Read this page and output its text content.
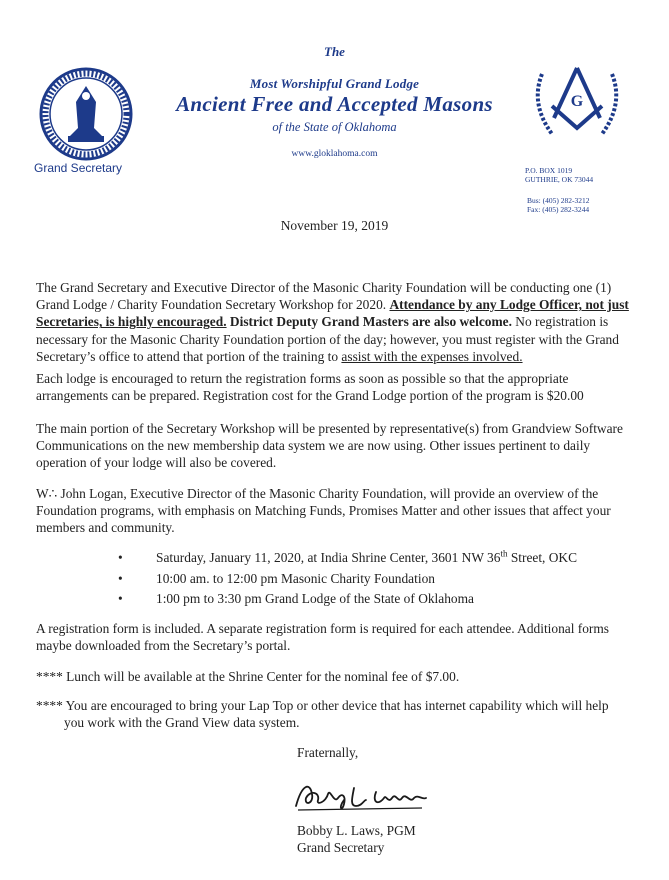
The
Most Worshipful Grand Lodge
Ancient Free and Accepted Masons
of the State of Oklahoma
www.gloklahoma.com
Grand Secretary
G
P.O. BOX 1019
GUTHRIE, OK 73044
Bus: (405) 282-3212
Fax: (405) 282-3244
November 19, 2019
The Grand Secretary and Executive Director of the Masonic Charity Foundation will be conducting one (1) Grand Lodge / Charity Foundation Secretary Workshop for 2020. Attendance by any Lodge Officer, not just Secretaries, is highly encouraged. District Deputy Grand Masters are also welcome. No registration is necessary for the Masonic Charity Foundation portion of the day; however, you must register with the Grand Secretary’s office to attend that portion of the training to assist with the expenses involved.
Each lodge is encouraged to return the registration forms as soon as possible so that the appropriate arrangements can be prepared. Registration cost for the Grand Lodge portion of the program is $20.00
The main portion of the Secretary Workshop will be presented by representative(s) from Grandview Software Communications on the new membership data system we are now using. Other issues pertinent to daily operation of your lodge will also be covered.
W∴ John Logan, Executive Director of the Masonic Charity Foundation, will provide an overview of the Foundation programs, with emphasis on Matching Funds, Promises Matter and other issues that affect your members and community.
• Saturday, January 11, 2020, at India Shrine Center, 3601 NW 36th Street, OKC
• 10:00 am. to 12:00 pm Masonic Charity Foundation
• 1:00 pm to 3:30 pm Grand Lodge of the State of Oklahoma
A registration form is included. A separate registration form is required for each attendee. Additional forms maybe downloaded from the Secretary’s portal.
**** Lunch will be available at the Shrine Center for the nominal fee of $7.00.
**** You are encouraged to bring your Lap Top or other device that has internet capability which will help
you work with the Grand View data system.
Fraternally,
Bobby L. Laws, PGM
Grand Secretary
